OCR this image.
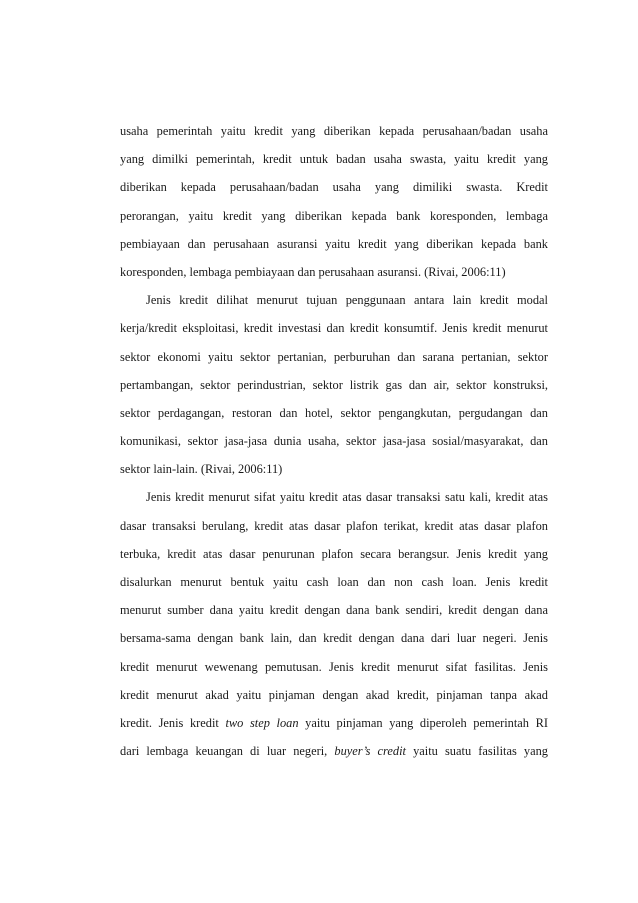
usaha pemerintah yaitu kredit yang diberikan kepada perusahaan/badan usaha
yang dimilki pemerintah, kredit untuk badan usaha swasta, yaitu kredit yang
diberikan kepada perusahaan/badan usaha yang dimiliki swasta. Kredit
perorangan, yaitu kredit yang diberikan kepada bank koresponden, lembaga
pembiayaan dan perusahaan asuransi yaitu kredit yang diberikan kepada bank
koresponden, lembaga pembiayaan dan perusahaan asuransi. (Rivai, 2006:11)
Jenis kredit dilihat menurut tujuan penggunaan antara lain kredit modal
kerja/kredit eksploitasi, kredit investasi dan kredit konsumtif. Jenis kredit menurut
sektor ekonomi yaitu sektor pertanian, perburuhan dan sarana pertanian, sektor
pertambangan, sektor perindustrian, sektor listrik gas dan air, sektor konstruksi,
sektor perdagangan, restoran dan hotel, sektor pengangkutan, pergudangan dan
komunikasi, sektor jasa-jasa dunia usaha, sektor jasa-jasa sosial/masyarakat, dan
sektor lain-lain. (Rivai, 2006:11)
Jenis kredit menurut sifat yaitu kredit atas dasar transaksi satu kali, kredit atas
dasar transaksi berulang, kredit atas dasar plafon terikat, kredit atas dasar plafon
terbuka, kredit atas dasar penurunan plafon secara berangsur. Jenis kredit yang
disalurkan menurut bentuk yaitu cash loan dan non cash loan. Jenis kredit
menurut sumber dana yaitu kredit dengan dana bank sendiri, kredit dengan dana
bersama-sama dengan bank lain, dan kredit dengan dana dari luar negeri. Jenis
kredit menurut wewenang pemutusan. Jenis kredit menurut sifat fasilitas. Jenis
kredit menurut akad yaitu pinjaman dengan akad kredit, pinjaman tanpa akad
kredit. Jenis kredit two step loan yaitu pinjaman yang diperoleh pemerintah RI
dari lembaga keuangan di luar negeri, buyer’s credit yaitu suatu fasilitas yang
